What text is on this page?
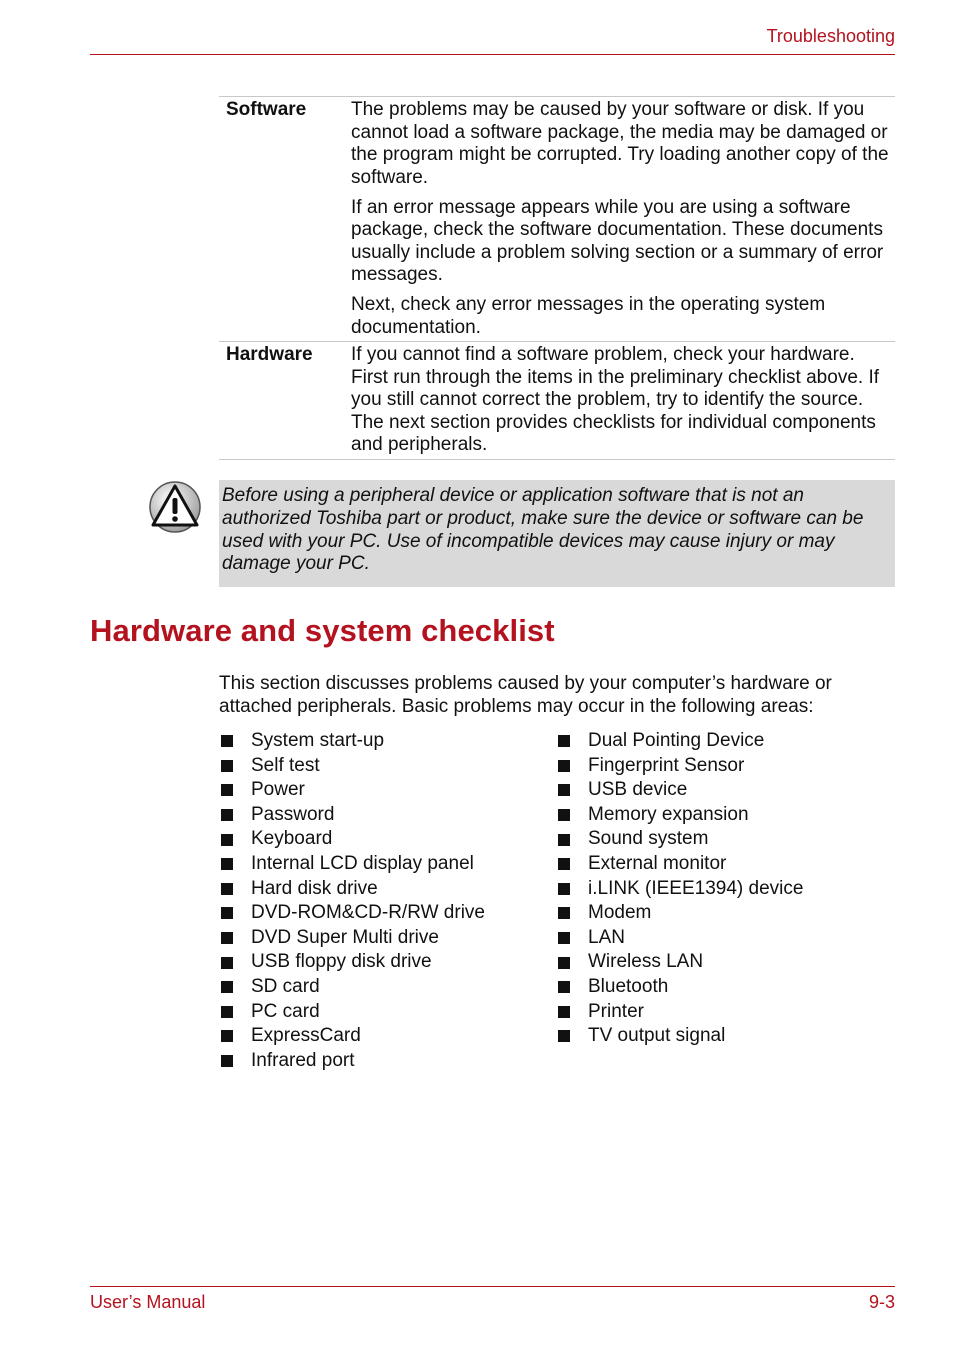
Troubleshooting
Software	The problems may be caused by your software or disk. If you cannot load a software package, the media may be damaged or the program might be corrupted. Try loading another copy of the software.

If an error message appears while you are using a software package, check the software documentation. These documents usually include a problem solving section or a summary of error messages.

Next, check any error messages in the operating system documentation.

Hardware	If you cannot find a software problem, check your hardware. First run through the items in the preliminary checklist above. If you still cannot correct the problem, try to identify the source. The next section provides checklists for individual components and peripherals.

Before using a peripheral device or application software that is not an authorized Toshiba part or product, make sure the device or software can be used with your PC. Use of incompatible devices may cause injury or may damage your PC.
Hardware and system checklist

This section discusses problems caused by your computer’s hardware or attached peripherals. Basic problems may occur in the following areas:

System start-up
Self test
Power
Password
Keyboard
Internal LCD display panel
Hard disk drive
DVD-ROM&CD-R/RW drive
DVD Super Multi drive
USB floppy disk drive
SD card
PC card
ExpressCard
Infrared port
Dual Pointing Device
Fingerprint Sensor
USB device
Memory expansion
Sound system
External monitor
i.LINK (IEEE1394) device
Modem
LAN
Wireless LAN
Bluetooth
Printer
TV output signal
User’s Manual	9-3
